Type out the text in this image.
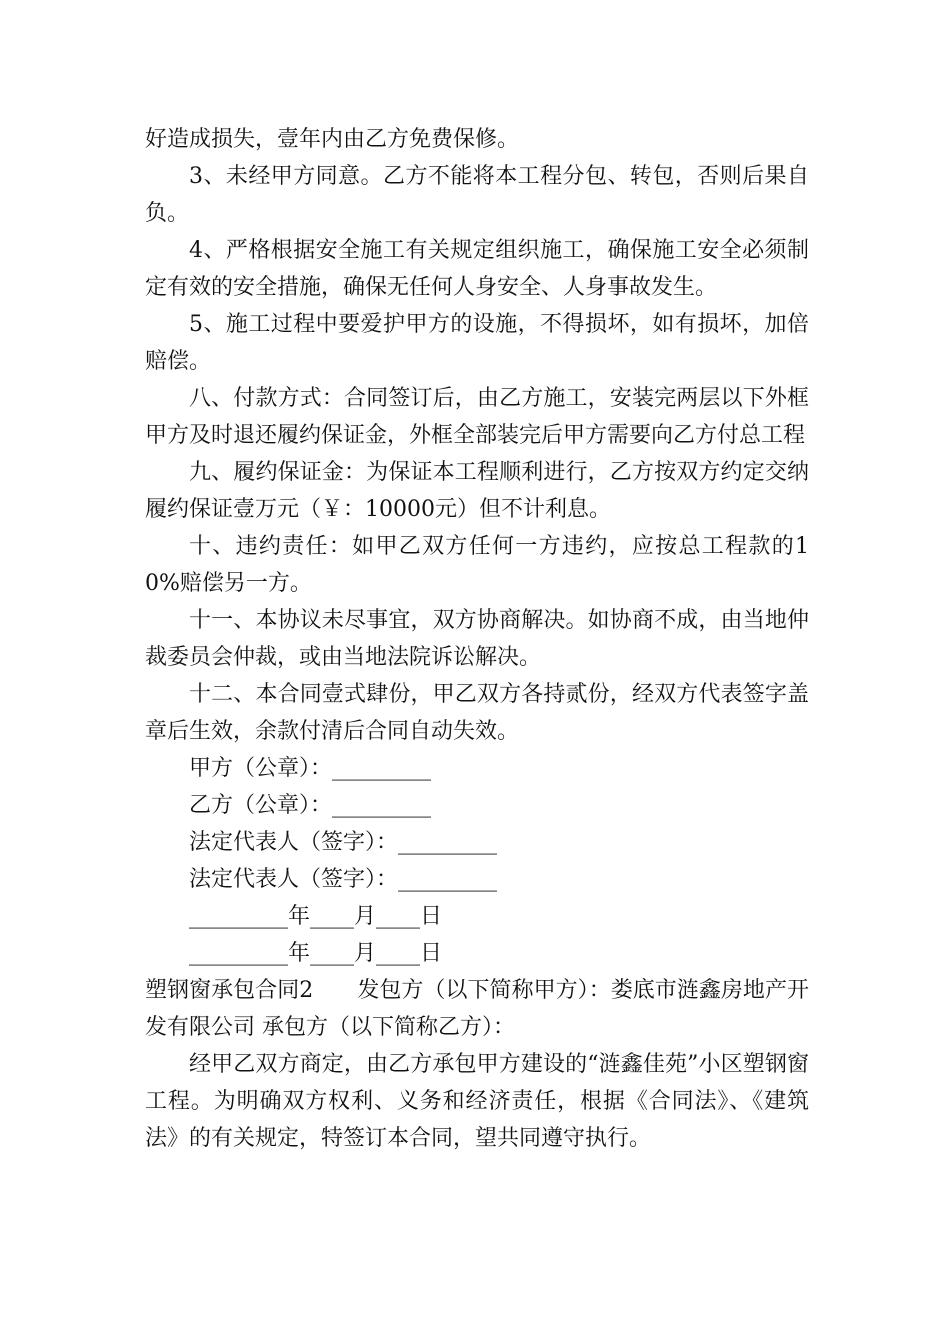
好造成损失，壹年内由乙方免费保修。

3、未经甲方同意。乙方不能将本工程分包、转包，否则后果自负。

4、严格根据安全施工有关规定组织施工，确保施工安全必须制定有效的安全措施，确保无任何人身安全、人身事故发生。

5、施工过程中要爱护甲方的设施，不得损坏，如有损坏，加倍赔偿。

八、付款方式：合同签订后，由乙方施工，安装完两层以下外框甲方及时退还履约保证金，外框全部装完后甲方需要向乙方付总工程

九、履约保证金：为保证本工程顺利进行，乙方按双方约定交纳履约保证壹万元（￥：10000元）但不计利息。

十、违约责任：如甲乙双方任何一方违约，应按总工程款的10%赔偿另一方。

十一、本协议未尽事宜，双方协商解决。如协商不成，由当地仲裁委员会仲裁，或由当地法院诉讼解决。

十二、本合同壹式肆份，甲乙双方各持贰份，经双方代表签字盖章后生效，余款付清后合同自动失效。

甲方（公章）：_________

乙方（公章）：_________

法定代表人（签字）：_________

法定代表人（签字）：_________

_________年____月____日

_________年____月____日

塑钢窗承包合同2　　发包方（以下简称甲方）：娄底市涟鑫房地产开发有限公司 承包方（以下简称乙方）：

经甲乙双方商定，由乙方承包甲方建设的“涟鑫佳苑”小区塑钢窗工程。为明确双方权利、义务和经济责任，根据《合同法》、《建筑法》的有关规定，特签订本合同，望共同遵守执行。
